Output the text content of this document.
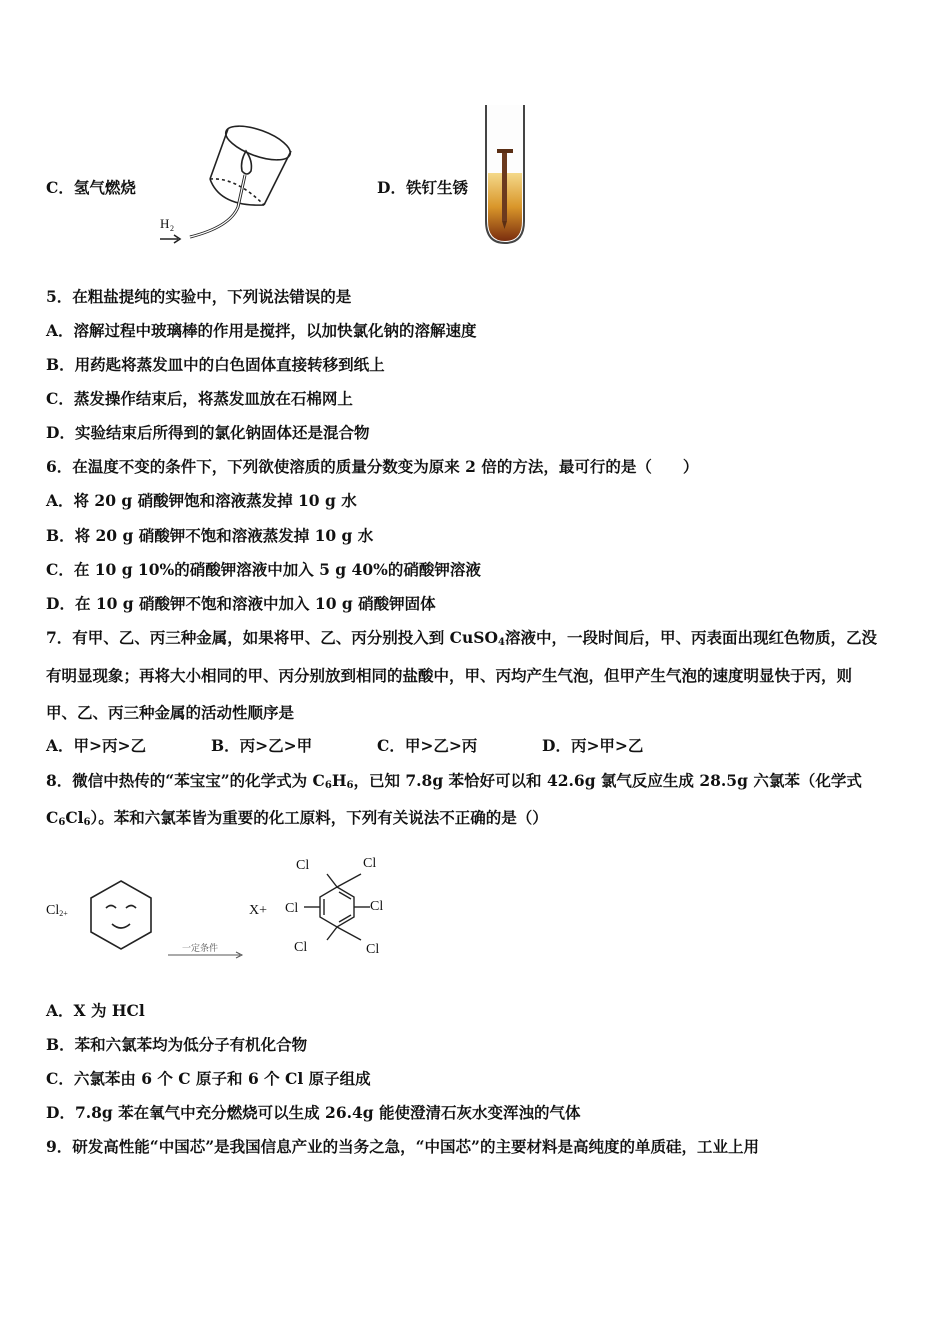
C．氢气燃烧
H 2
D．铁钉生锈
5．在粗盐提纯的实验中，下列说法错误的是
A．溶解过程中玻璃棒的作用是搅拌，以加快氯化钠的溶解速度
B．用药匙将蒸发皿中的白色固体直接转移到纸上
C．蒸发操作结束后，将蒸发皿放在石棉网上
D．实验结束后所得到的氯化钠固体还是混合物
6．在温度不变的条件下，下列欲使溶质的质量分数变为原来 2 倍的方法，最可行的是（　　）
A．将 20 g 硝酸钾饱和溶液蒸发掉 10 g 水
B．将 20 g 硝酸钾不饱和溶液蒸发掉 10 g 水
C．在 10 g 10%的硝酸钾溶液中加入 5 g 40%的硝酸钾溶液
D．在 10 g 硝酸钾不饱和溶液中加入 10 g 硝酸钾固体
7．有甲、乙、丙三种金属，如果将甲、乙、丙分别投入到 CuSO$_4$溶液中，一段时间后，甲、丙表面出现红色物质，乙没
有明显现象；再将大小相同的甲、丙分别放到相同的盐酸中，甲、丙均产生气泡，但甲产生气泡的速度明显快于丙，则
甲、乙、丙三种金属的活动性顺序是
A．甲>丙>乙	B．丙>乙>甲	C．甲>乙>丙	D．丙>甲>乙
8．微信中热传的“苯宝宝”的化学式为 $C_6H_6$，已知 7.8g 苯恰好可以和 42.6g 氯气反应生成 28.5g 六氯苯（化学式
$C_6Cl_6$）。苯和六氯苯皆为重要的化工原料，下列有关说法不正确的是（）
$Cl_{2+}$
一定条件
X+
Cl	Cl
Cl	Cl
Cl	Cl
A．X 为 HCl
B．苯和六氯苯均为低分子有机化合物
C．六氯苯由 6 个 C 原子和 6 个 Cl 原子组成
D．7.8g 苯在氧气中充分燃烧可以生成 26.4g 能使澄清石灰水变浑浊的气体
9．研发高性能“中国芯”是我国信息产业的当务之急，“中国芯”的主要材料是高纯度的单质硅，工业上用
